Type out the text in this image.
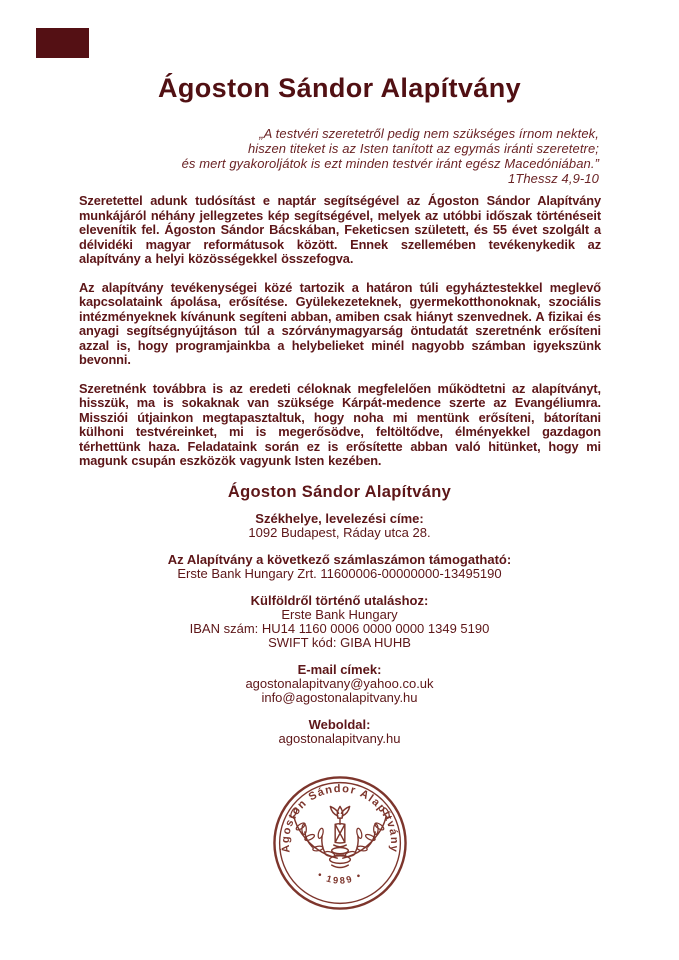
Ágoston Sándor Alapítvány
„A testvéri szeretetről pedig nem szükséges írnom nektek,
hiszen titeket is az Isten tanított az egymás iránti szeretetre;
és mert gyakoroljátok is ezt minden testvér iránt egész Macedóniában.”
1Thessz 4,9-10

Szeretettel adunk tudósítást e naptár segítségével az Ágoston Sándor Alapítvány munkájáról néhány jellegzetes kép segítségével, melyek az utóbbi időszak történéseit elevenítik fel. Ágoston Sándor Bácskában, Feketicsen született, és 55 évet szolgált a délvidéki magyar reformátusok között. Ennek szellemében tevékenykedik az alapítvány a helyi közösségekkel összefogva.

Az alapítvány tevékenységei közé tartozik a határon túli egyháztestekkel meglevő kapcsolataink ápolása, erősítése. Gyülekezeteknek, gyermekotthonoknak, szociális intézményeknek kívánunk segíteni abban, amiben csak hiányt szenvednek. A fizikai és anyagi segítségnyújtáson túl a szórványmagyarság öntudatát szeretnénk erősíteni azzal is, hogy programjainkba a helybelieket minél nagyobb számban igyekszünk bevonni.

Szeretnénk továbbra is az eredeti céloknak megfelelően működtetni az alapítványt, hisszük, ma is sokaknak van szüksége Kárpát-medence szerte az Evangéliumra. Missziói útjainkon megtapasztaltuk, hogy noha mi mentünk erősíteni, bátorítani külhoni testvéreinket, mi is megerősödve, feltöltődve, élményekkel gazdagon térhettünk haza. Feladataink során ez is erősítette abban való hitünket, hogy mi magunk csupán eszközök vagyunk Isten kezében.

Ágoston Sándor Alapítvány
Székhelye, levelezési címe:
1092 Budapest, Ráday utca 28.
Az Alapítvány a következő számlaszámon támogatható:
Erste Bank Hungary Zrt. 11600006-00000000-13495190
Külföldről történő utaláshoz:
Erste Bank Hungary
IBAN szám: HU14 1160 0006 0000 0000 1349 5190
SWIFT kód: GIBA HUHB
E-mail címek:
agostonalapitvany@yahoo.co.uk
info@agostonalapitvany.hu
Weboldal:
agostonalapitvany.hu
Ágoston Sándor Alapítvány
• 1989 •
